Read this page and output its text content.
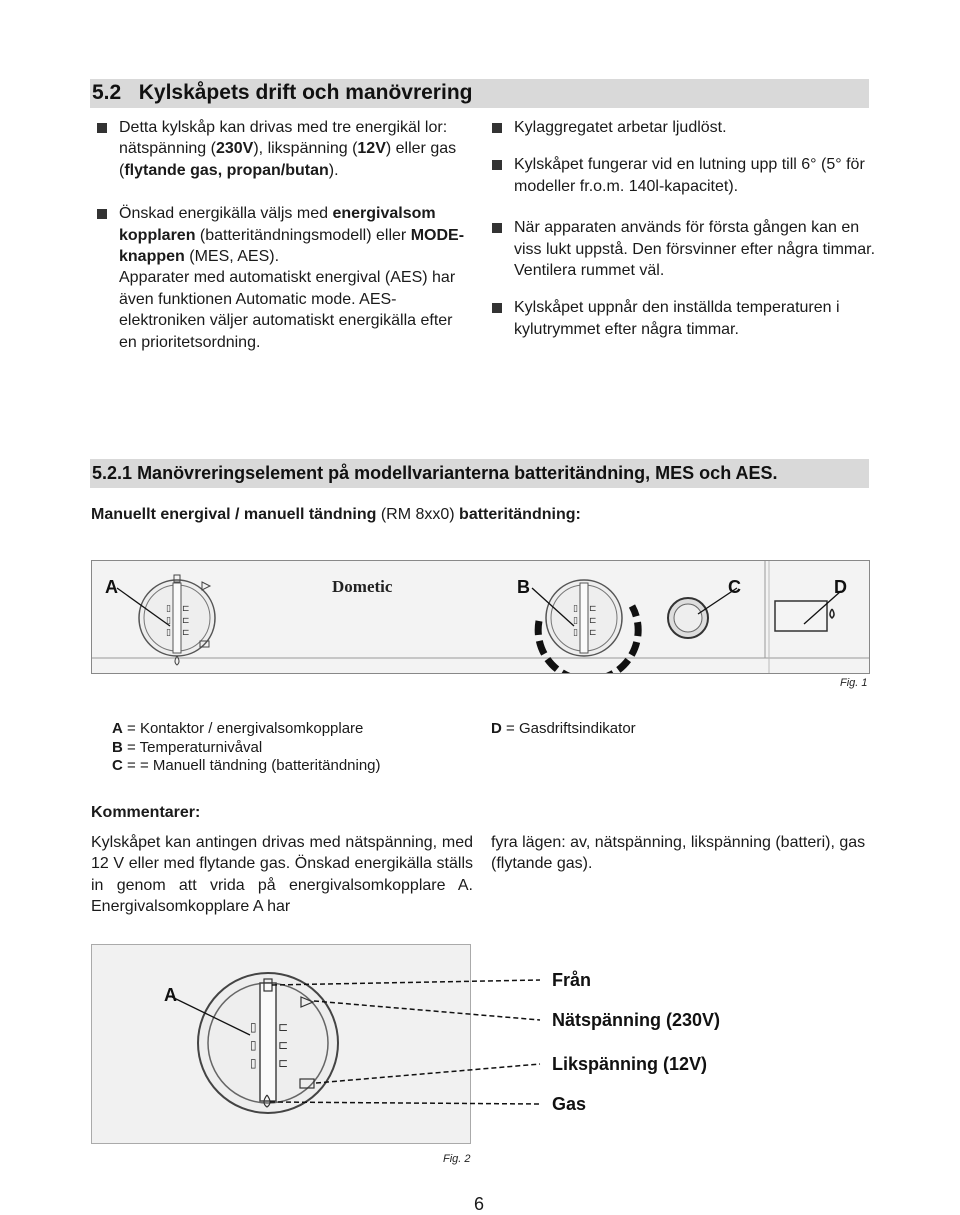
5.2 Kylskåpets drift och manövrering

Detta kylskåp kan drivas med tre energikäl lor:
nätspänning (230V), likspänning (12V) eller gas (flytande gas, propan/butan).

Önskad energikälla väljs med energivalsom kopplaren (batteritändningsmodell) eller MODE-knappen (MES, AES).
Apparater med automatiskt energival (AES) har även funktionen Automatic mode. AES-elektroniken väljer automatiskt energikälla efter en prioritetsordning.

Kylaggregatet arbetar ljudlöst.

Kylskåpet fungerar vid en lutning upp till 6° (5° för modeller fr.o.m. 140l-kapacitet).

När apparaten används för första gången kan en viss lukt uppstå. Den försvinner efter några timmar. Ventilera rummet väl.

Kylskåpet uppnår den inställda temperaturen i kylutrymmet efter några timmar.

5.2.1 Manövreringselement på modellvarianterna batteritändning, MES och AES.
Manuellt energival / manuell tändning (RM 8xx0) batteritändning:
▯
▯
▯
⊏
⊏
⊏
▯
▯
▯
⊏
⊏
⊏
A	B	C	D
Dometic
Fig. 1
A = Kontaktor / energivalsomkopplare
B = Temperaturnivåval
C = = Manuell tändning (batteritändning)
D = Gasdriftsindikator
Kommentarer:
Kylskåpet kan antingen drivas med nätspänning, med 12 V eller med flytande gas. Önskad energikälla ställs in genom att vrida på energivalsomkopplare A. Energivalsomkopplare A har
fyra lägen: av, nätspänning, likspänning (batteri), gas (flytande gas).
▯
▯
▯
⊏
⊏
⊏
A
Från
Nätspänning (230V)
Likspänning (12V)
Gas
Fig. 2
6
